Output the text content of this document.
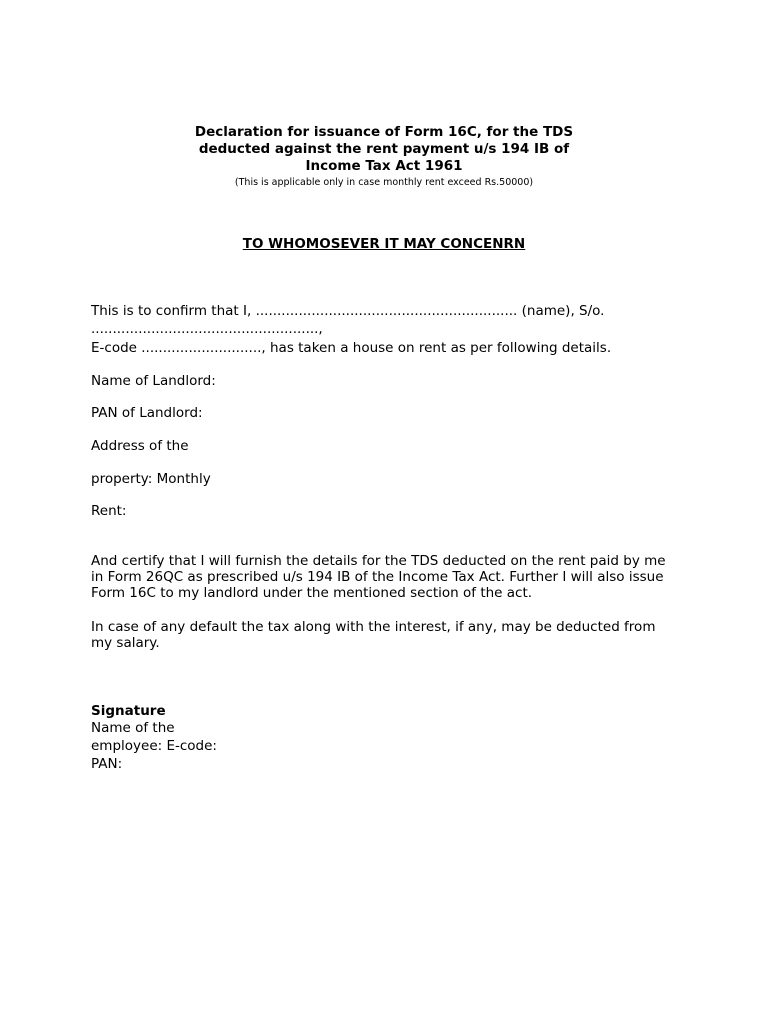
Declaration for issuance of Form 16C, for the TDS
deducted against the rent payment u/s 194 IB of
Income Tax Act 1961
(This is applicable only in case monthly rent exceed Rs.50000)
TO WHOMOSEVER IT MAY CONCENRN
This is to confirm that I, ............................................................. (name), S/o.
.....................................................,
E-code ............................, has taken a house on rent as per following details.
Name of Landlord:
PAN of Landlord:
Address of the
property: Monthly
Rent:
And certify that I will furnish the details for the TDS deducted on the rent paid by me
in Form 26QC as prescribed u/s 194 IB of the Income Tax Act. Further I will also issue
Form 16C to my landlord under the mentioned section of the act.
In case of any default the tax along with the interest, if any, may be deducted from
my salary.
Signature
Name of the
employee: E-code:
PAN:
